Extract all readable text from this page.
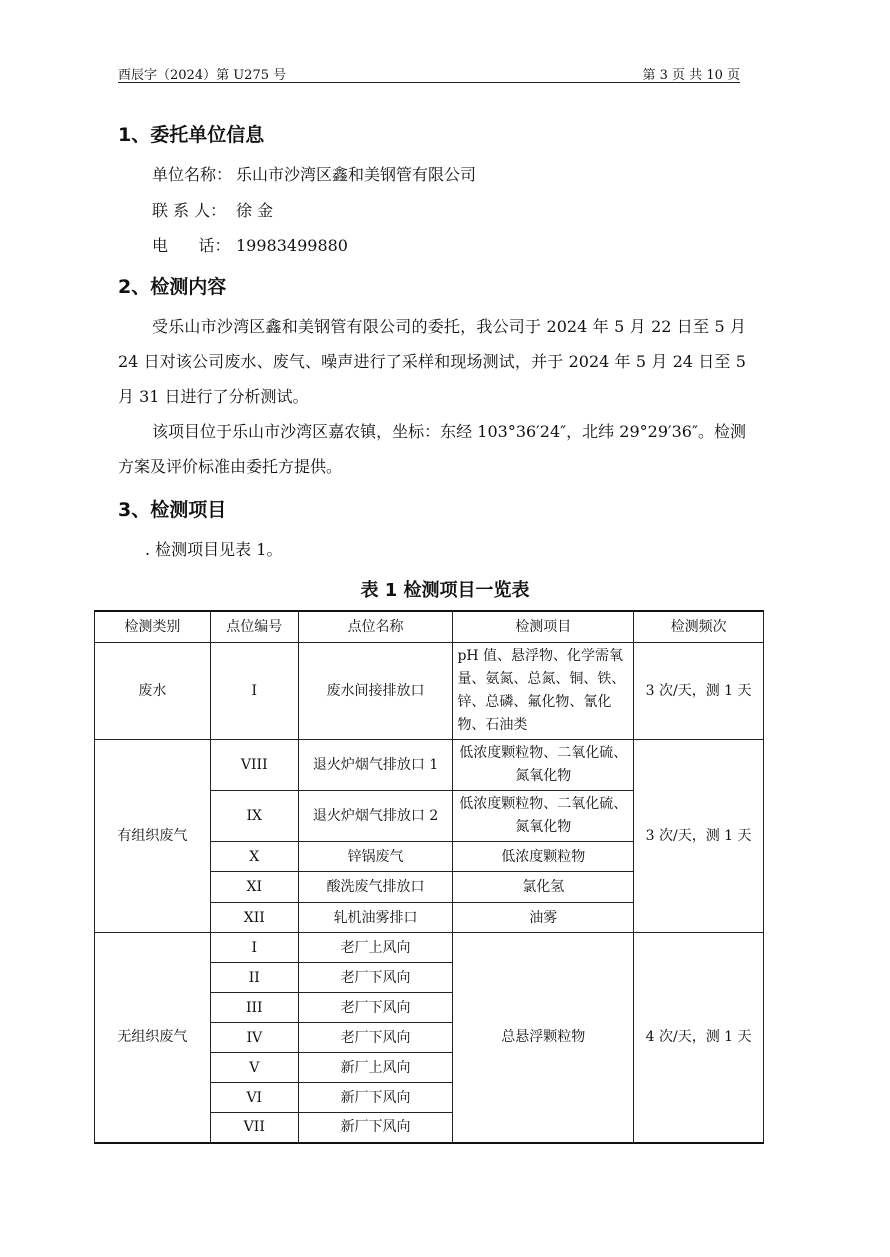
酉辰字（2024）第 U275 号	第 3 页 共 10 页
1、委托单位信息
单位名称： 乐山市沙湾区鑫和美钢管有限公司
联 系 人： 徐 金
电      话： 19983499880
2、检测内容
受乐山市沙湾区鑫和美钢管有限公司的委托，我公司于 2024 年 5 月 22 日至 5 月 24 日对该公司废水、废气、噪声进行了采样和现场测试，并于 2024 年 5 月 24 日至 5 月 31 日进行了分析测试。
该项目位于乐山市沙湾区嘉农镇，坐标：东经 103°36′24″，北纬 29°29′36″。检测方案及评价标准由委托方提供。
3、检测项目
. 检测项目见表 1。
表 1 检测项目一览表
检测类别	点位编号	点位名称	检测项目	检测频次
废水	I	废水间接排放口	pH 值、悬浮物、化学需氧量、氨氮、总氮、铜、铁、锌、总磷、氟化物、氰化物、石油类	3 次/天，测 1 天
有组织废气	VIII	退火炉烟气排放口 1	低浓度颗粒物、二氧化硫、氮氧化物	3 次/天，测 1 天
	IX	退火炉烟气排放口 2	低浓度颗粒物、二氧化硫、氮氧化物	
	X	锌锅废气	低浓度颗粒物	
	XI	酸洗废气排放口	氯化氢	
	XII	轧机油雾排口	油雾	
无组织废气	I	老厂上风向	总悬浮颗粒物	4 次/天，测 1 天
	II	老厂下风向		
	III	老厂下风向		
	IV	老厂下风向		
	V	新厂上风向		
	VI	新厂下风向		
	VII	新厂下风向		
